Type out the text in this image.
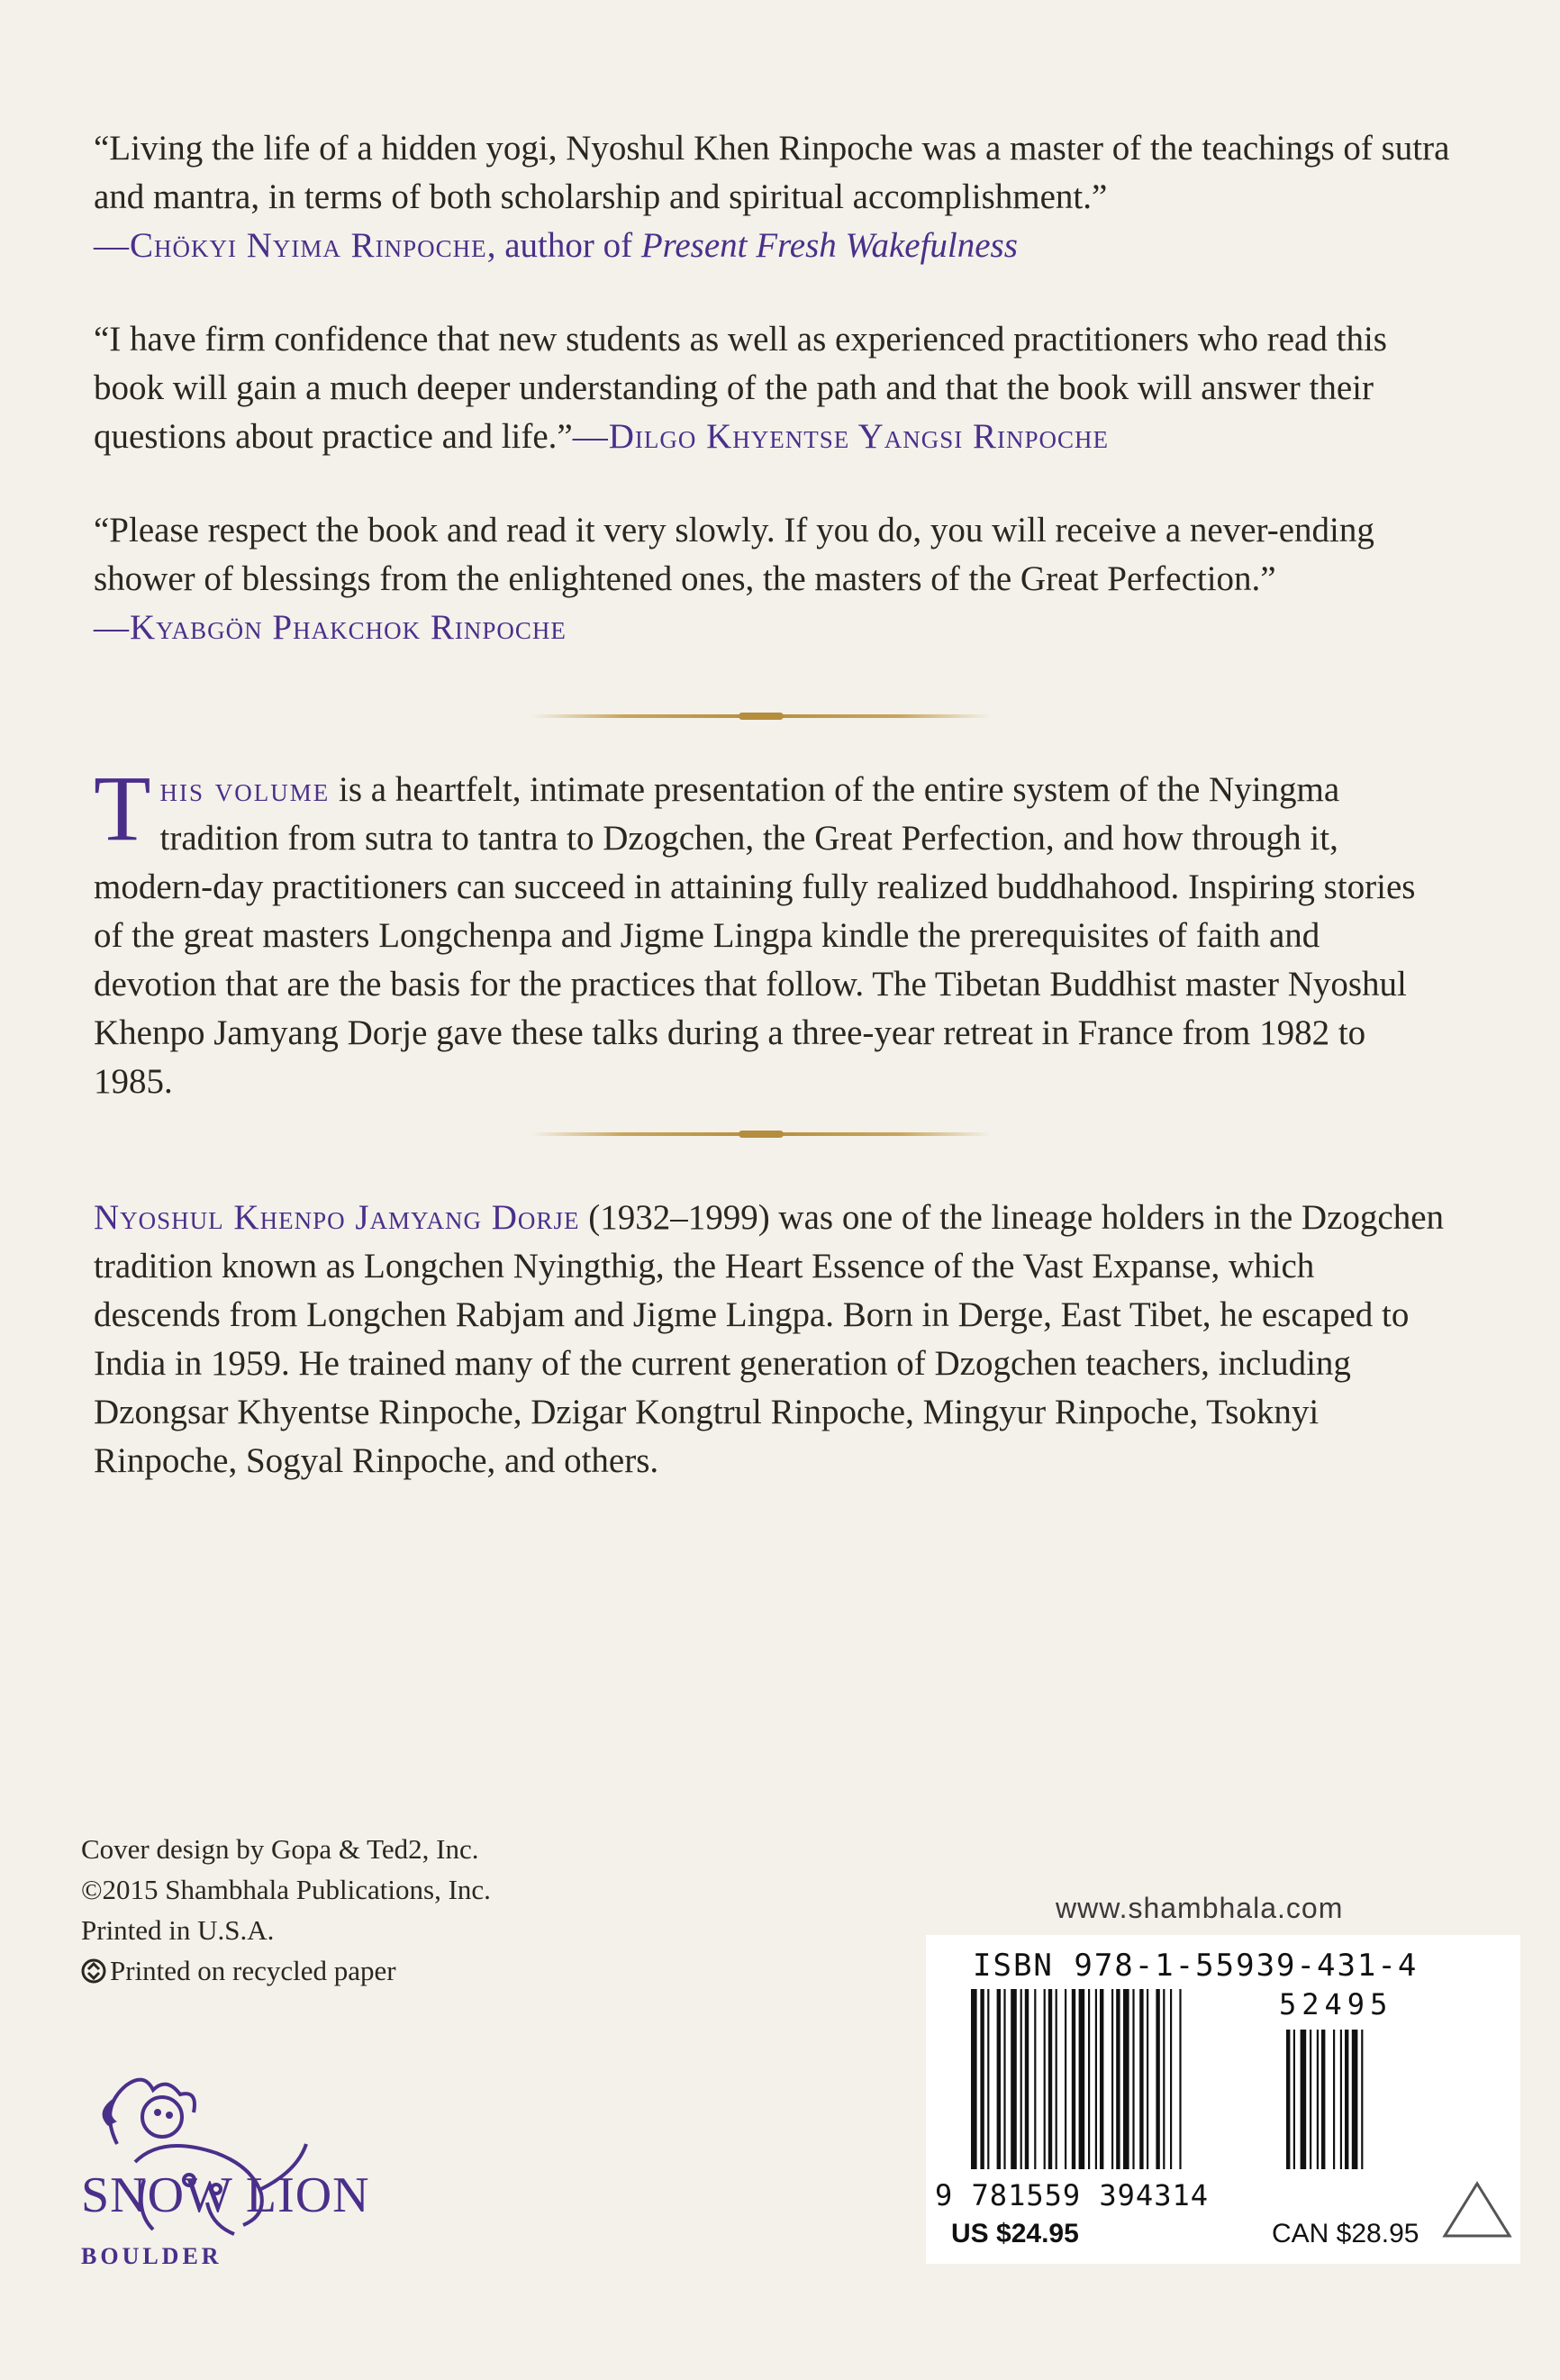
“Living the life of a hidden yogi, Nyoshul Khen Rinpoche was a master of the teachings of sutra and mantra, in terms of both scholarship and spiritual accomplishment.”
—Chökyi Nyima Rinpoche, author of Present Fresh Wakefulness
“I have firm confidence that new students as well as experienced practitioners who read this book will gain a much deeper understanding of the path and that the book will answer their questions about practice and life.”—Dilgo Khyentse Yangsi Rinpoche
“Please respect the book and read it very slowly. If you do, you will receive a never-ending shower of blessings from the enlightened ones, the masters of the Great Perfection.”
—Kyabgön Phakchok Rinpoche
This volume is a heartfelt, intimate presentation of the entire system of the Nyingma tradition from sutra to tantra to Dzogchen, the Great Perfection, and how through it, modern-day practitioners can succeed in attaining fully realized buddhahood. Inspiring stories of the great masters Longchenpa and Jigme Lingpa kindle the prerequisites of faith and devotion that are the basis for the practices that follow. The Tibetan Buddhist master Nyoshul Khenpo Jamyang Dorje gave these talks during a three-year retreat in France from 1982 to 1985.
Nyoshul Khenpo Jamyang Dorje (1932–1999) was one of the lineage holders in the Dzogchen tradition known as Longchen Nyingthig, the Heart Essence of the Vast Expanse, which descends from Longchen Rabjam and Jigme Lingpa. Born in Derge, East Tibet, he escaped to India in 1959. He trained many of the current generation of Dzogchen teachers, including Dzongsar Khyentse Rinpoche, Dzigar Kongtrul Rinpoche, Mingyur Rinpoche, Tsoknyi Rinpoche, Sogyal Rinpoche, and others.
Cover design by Gopa & Ted2, Inc.
©2015 Shambhala Publications, Inc.
Printed in U.S.A.
Printed on recycled paper
SNOW LION
BOULDER
www.shambhala.com
ISBN 978-1-55939-431-4
52495
9 781559 394314
US $24.95	CAN $28.95
